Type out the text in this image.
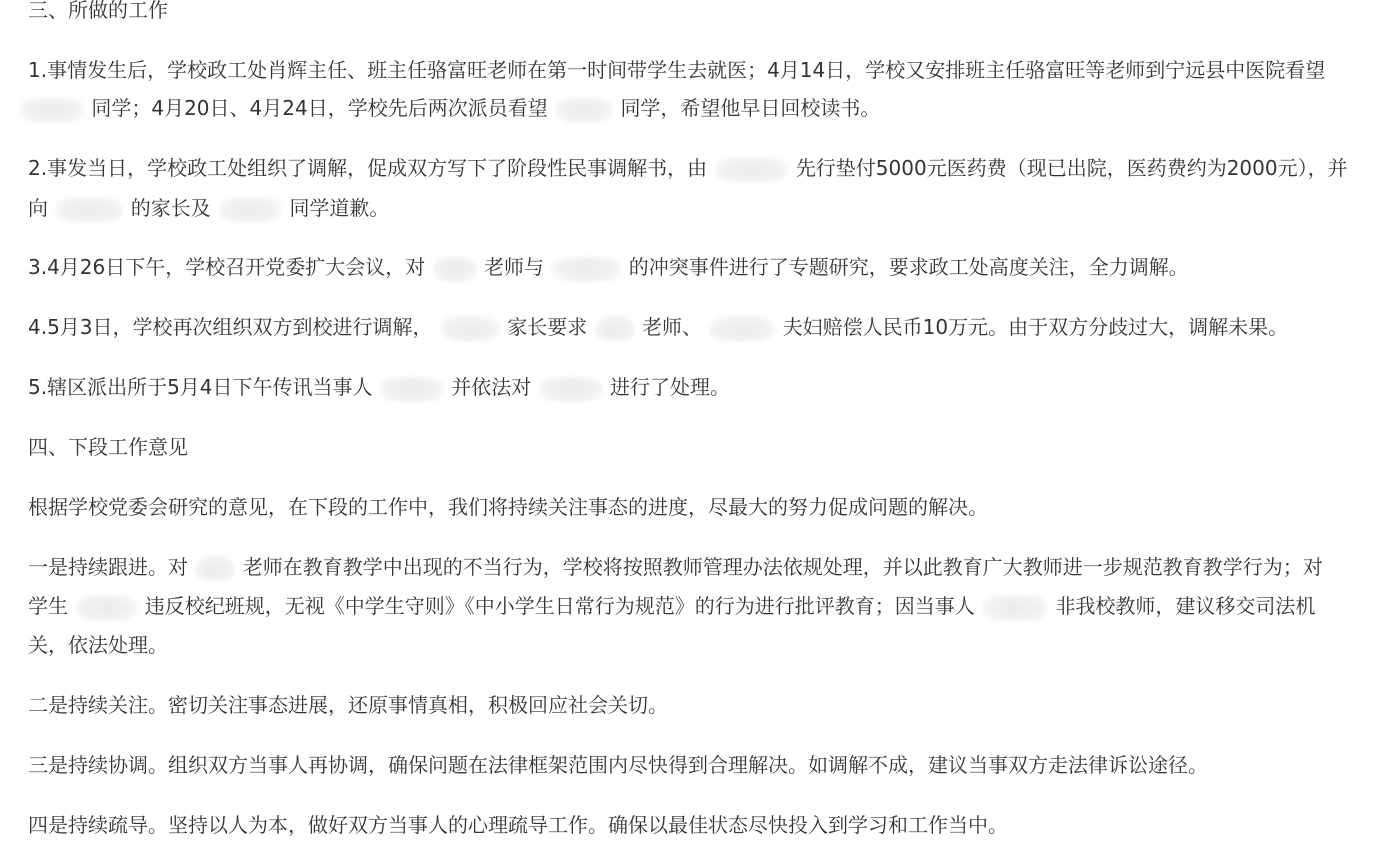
三、所做的工作
1.事情发生后，学校政工处肖辉主任、班主任骆富旺老师在第一时间带学生去就医；4月14日，学校又安排班主任骆富旺等老师到宁远县中医院看望
同学；4月20日、4月24日，学校先后两次派员看望	同学，希望他早日回校读书。
2.事发当日，学校政工处组织了调解，促成双方写下了阶段性民事调解书，由	先行垫付5000元医药费（现已出院，医药费约为2000元），并
向	的家长及	同学道歉。
3.4月26日下午，学校召开党委扩大会议，对	老师与	的冲突事件进行了专题研究，要求政工处高度关注，全力调解。
4.5月3日，学校再次组织双方到校进行调解，	家长要求	老师、	夫妇赔偿人民币10万元。由于双方分歧过大，调解未果。
5.辖区派出所于5月4日下午传讯当事人	并依法对	进行了处理。
四、下段工作意见
根据学校党委会研究的意见，在下段的工作中，我们将持续关注事态的进度，尽最大的努力促成问题的解决。
一是持续跟进。对	老师在教育教学中出现的不当行为，学校将按照教师管理办法依规处理，并以此教育广大教师进一步规范教育教学行为；对
学生	违反校纪班规，无视《中学生守则》《中小学生日常行为规范》的行为进行批评教育；因当事人	非我校教师，建议移交司法机
关，依法处理。
二是持续关注。密切关注事态进展，还原事情真相，积极回应社会关切。
三是持续协调。组织双方当事人再协调，确保问题在法律框架范围内尽快得到合理解决。如调解不成，建议当事双方走法律诉讼途径。
四是持续疏导。坚持以人为本，做好双方当事人的心理疏导工作。确保以最佳状态尽快投入到学习和工作当中。
